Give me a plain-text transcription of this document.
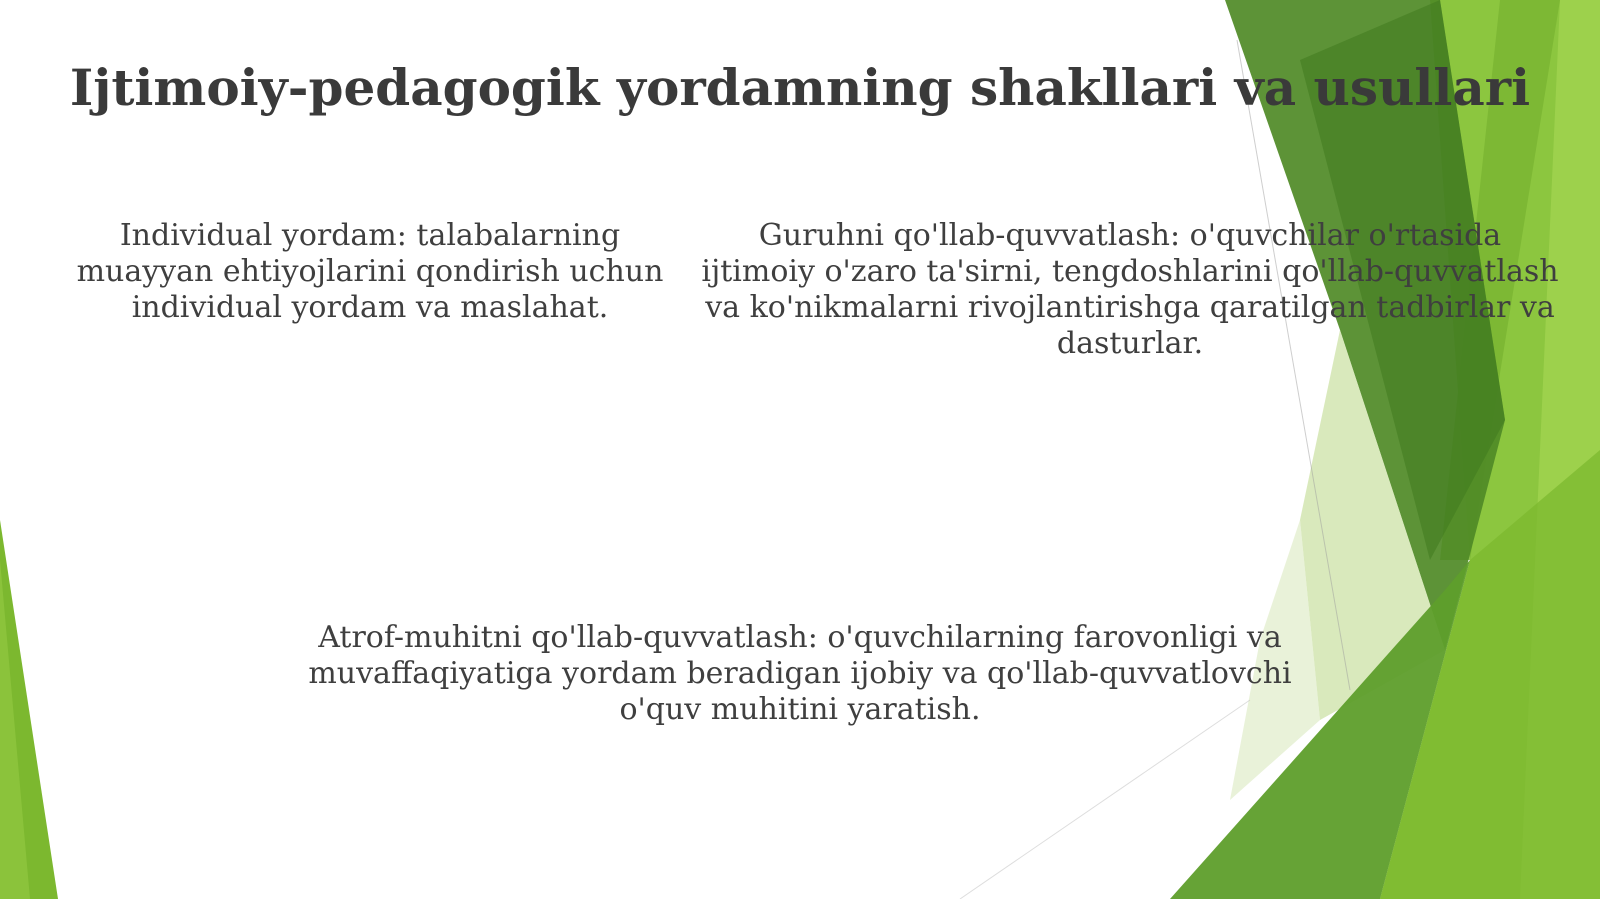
Ijtimoiy-pedagogik yordamning shakllari va usullari

Individual yordam: talabalarning muayyan ehtiyojlarini qondirish uchun individual yordam va maslahat.

Guruhni qo'llab-quvvatlash: o'quvchilar o'rtasida ijtimoiy o'zaro ta'sirni, tengdoshlarini qo'llab-quvvatlash va ko'nikmalarni rivojlantirishga qaratilgan tadbirlar va dasturlar.

Atrof-muhitni qo'llab-quvvatlash: o'quvchilarning farovonligi va muvaffaqiyatiga yordam beradigan ijobiy va qo'llab-quvvatlovchi o'quv muhitini yaratish.
